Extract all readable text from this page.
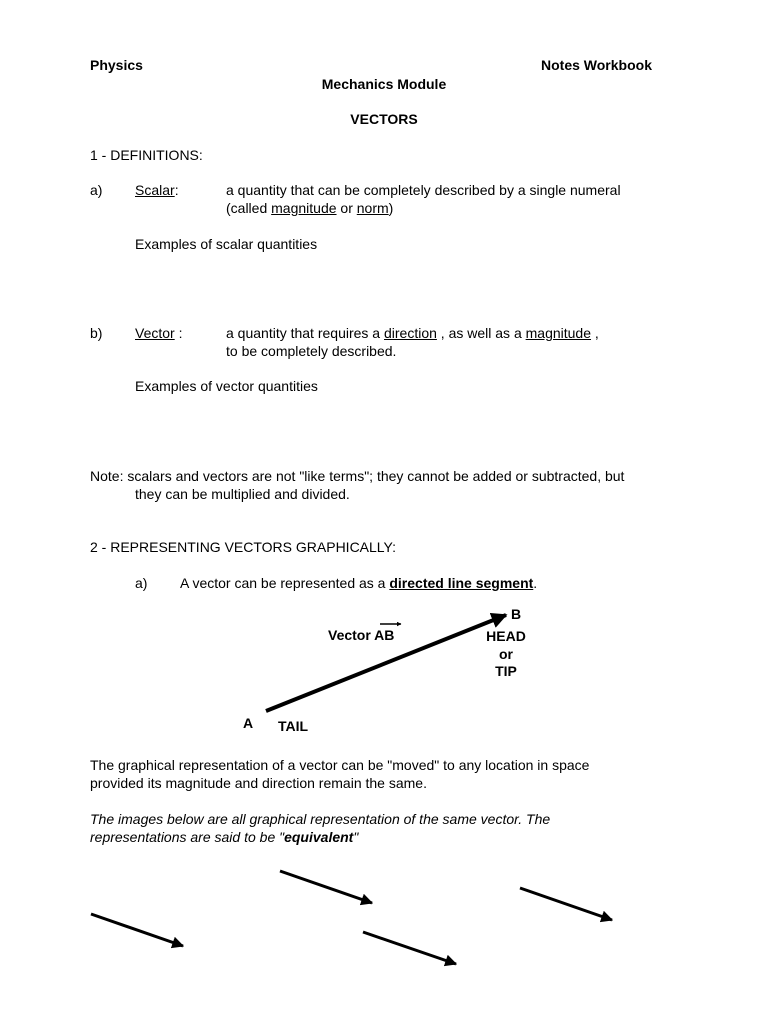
Physics	Notes Workbook
Mechanics Module
VECTORS
1 - DEFINITIONS:
a) Scalar:	a quantity that can be completely described by a single numeral
(called magnitude or norm)
Examples of scalar quantities
b) Vector :	a quantity that requires a direction , as well as a magnitude ,
to be completely described.
Examples of vector quantities
Note: scalars and vectors are not "like terms"; they cannot be added or subtracted, but
they can be multiplied and divided.
2 - REPRESENTING VECTORS GRAPHICALLY:
a) A vector can be represented as a directed line segment.
Vector AB
B
HEAD
or
TIP
A TAIL
The graphical representation of a vector can be "moved" to any location in space
provided its magnitude and direction remain the same.
The images below are all graphical representation of the same vector. The
representations are said to be "equivalent"
